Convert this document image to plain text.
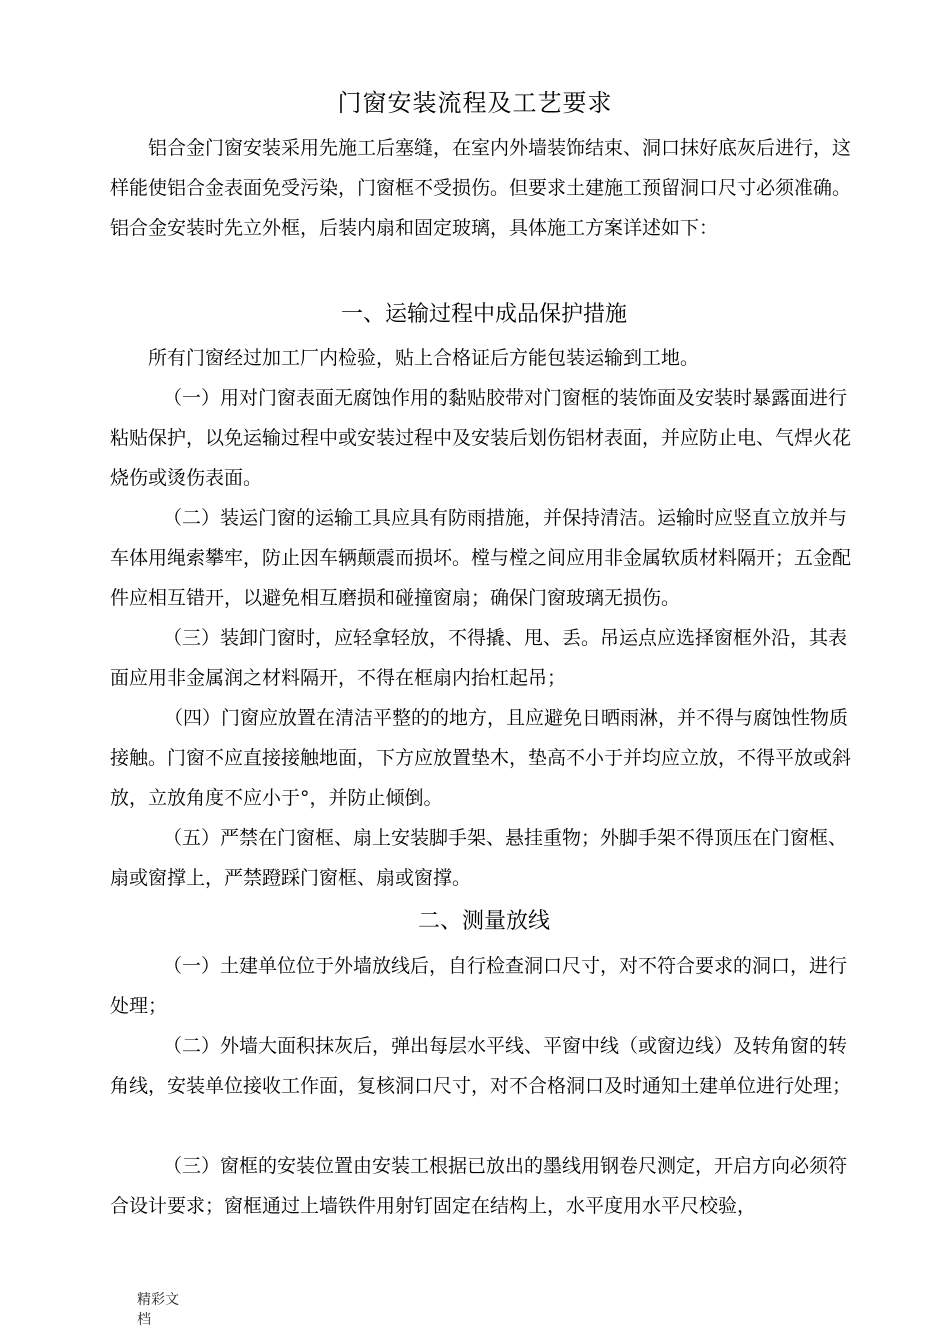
门窗安装流程及工艺要求

铝合金门窗安装采用先施工后塞缝，在室内外墙装饰结束、洞口抹好底灰后进行，这样能使铝合金表面免受污染，门窗框不受损伤。但要求土建施工预留洞口尺寸必须准确。铝合金安装时先立外框，后装内扇和固定玻璃，具体施工方案详述如下：

一、运输过程中成品保护措施

所有门窗经过加工厂内检验，贴上合格证后方能包装运输到工地。

（一）用对门窗表面无腐蚀作用的黏贴胶带对门窗框的装饰面及安装时暴露面进行粘贴保护，以免运输过程中或安装过程中及安装后划伤铝材表面，并应防止电、气焊火花烧伤或烫伤表面。

（二）装运门窗的运输工具应具有防雨措施，并保持清洁。运输时应竖直立放并与车体用绳索攀牢，防止因车辆颠震而损坏。樘与樘之间应用非金属软质材料隔开；五金配件应相互错开，以避免相互磨损和碰撞窗扇；确保门窗玻璃无损伤。

（三）装卸门窗时，应轻拿轻放，不得撬、甩、丢。吊运点应选择窗框外沿，其表面应用非金属润之材料隔开，不得在框扇内抬杠起吊；

（四）门窗应放置在清洁平整的的地方，且应避免日晒雨淋，并不得与腐蚀性物质接触。门窗不应直接接触地面，下方应放置垫木，垫高不小于并均应立放，不得平放或斜放，立放角度不应小于°，并防止倾倒。

（五）严禁在门窗框、扇上安装脚手架、悬挂重物；外脚手架不得顶压在门窗框、扇或窗撑上，严禁蹬踩门窗框、扇或窗撑。

二、测量放线

（一）土建单位位于外墙放线后，自行检查洞口尺寸，对不符合要求的洞口，进行处理；

（二）外墙大面积抹灰后，弹出每层水平线、平窗中线（或窗边线）及转角窗的转角线，安装单位接收工作面，复核洞口尺寸，对不合格洞口及时通知土建单位进行处理；

（三）窗框的安装位置由安装工根据已放出的墨线用钢卷尺测定，开启方向必须符合设计要求；窗框通过上墙铁件用射钉固定在结构上，水平度用水平尺校验，

精彩文档
